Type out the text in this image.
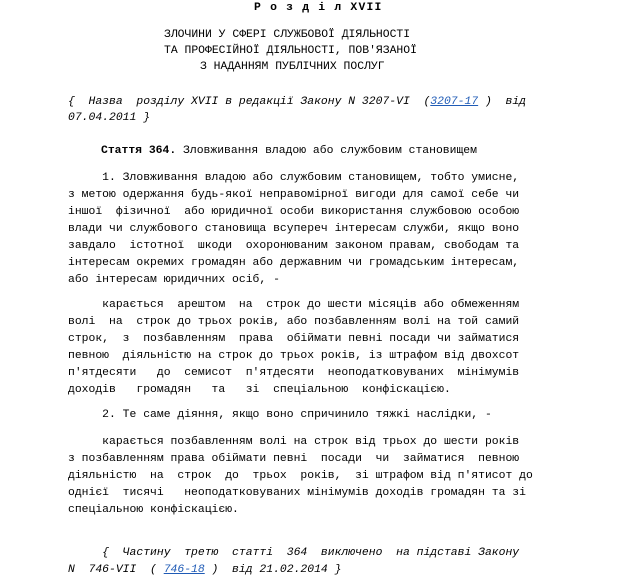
Р о з д і л XVII
ЗЛОЧИНИ У СФЕРІ СЛУЖБОВОЇ ДІЯЛЬНОСТІ
ТА ПРОФЕСІЙНОЇ ДІЯЛЬНОСТІ, ПОВ'ЯЗАНОЇ
З НАДАННЯМ ПУБЛІЧНИХ ПОСЛУГ
{  Назва  розділу XVII в редакції Закону N 3207-VI  (3207-17 )  від
07.04.2011 }
Стаття 364. Зловживання владою або службовим становищем
1. Зловживання владою або службовим становищем, тобто умисне,
з метою одержання будь-якої неправомірної вигоди для самої себе чи
іншої  фізичної  або юридичної особи використання службовою особою
влади чи службового становища всупереч інтересам служби, якщо воно
завдало  істотної  шкоди  охоронюваним законом правам, свободам та
інтересам окремих громадян або державним чи громадським інтересам,
або інтересам юридичних осіб, -
карається  арештом  на  строк до шести місяців або обмеженням
волі  на  строк до трьох років, або позбавленням волі на той самий
строк,  з  позбавленням  права  обіймати певні посади чи займатися
певною  діяльністю на строк до трьох років, із штрафом від двохсот
п'ятдесяти   до  семисот  п'ятдесяти  неоподатковуваних  мінімумів
доходів   громадян   та   зі  спеціальною  конфіскацією.
2. Те саме діяння, якщо воно спричинило тяжкі наслідки, -
карається позбавленням волі на строк від трьох до шести років
з позбавленням права обіймати певні  посади  чи  займатися  певною
діяльністю  на  строк  до  трьох  років,  зі штрафом від п'ятисот до
однієї  тисячі   неоподатковуваних мінімумів доходів громадян та зі
спеціальною конфіскацією.
{  Частину  третю  статті  364  виключено  на підставі Закону
N  746-VII  ( 746-18 )  від 21.02.2014 }
